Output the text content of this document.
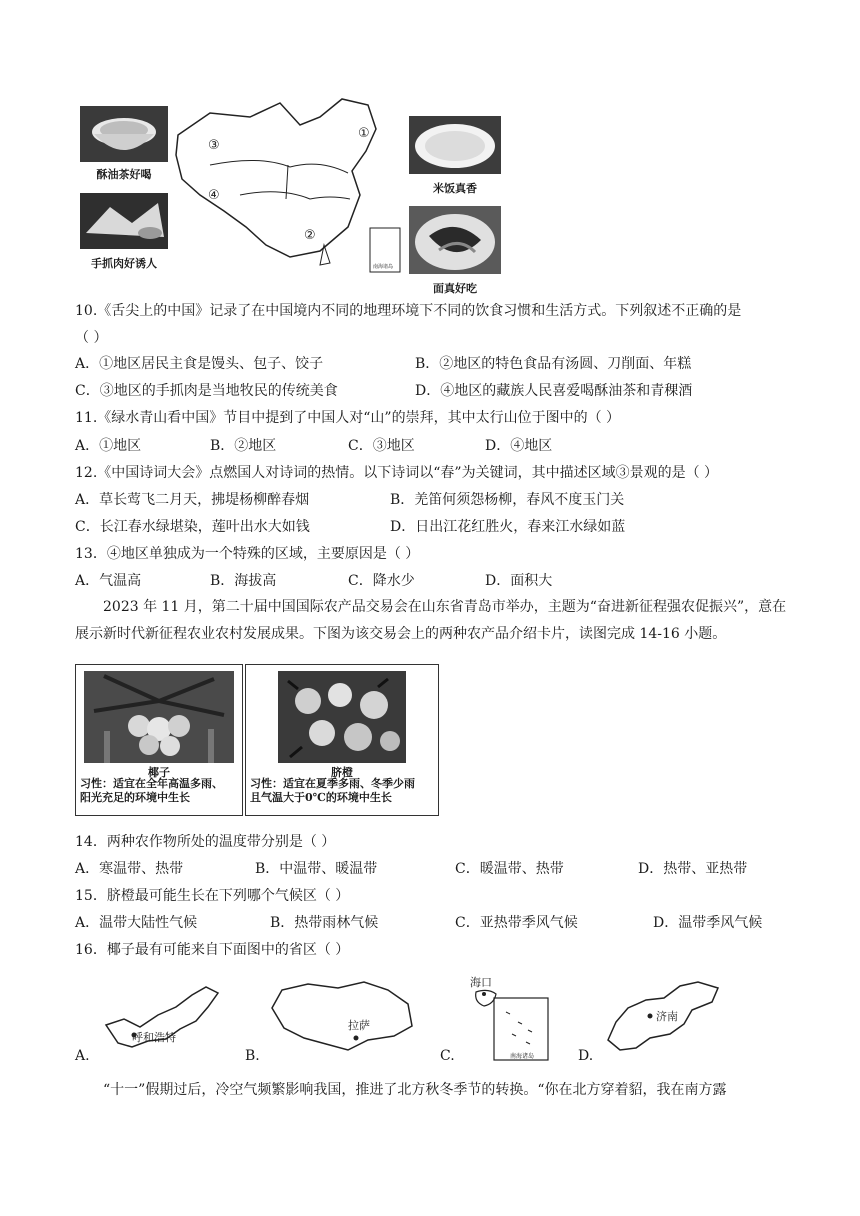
酥油茶好喝
手抓肉好诱人
米饭真香
面真好吃
①
②
③
④
南海诸岛
10.《舌尖上的中国》记录了在中国境内不同的地理环境下不同的饮食习惯和生活方式。下列叙述不正确的是
（ ）
A．①地区居民主食是馒头、包子、饺子	B．②地区的特色食品有汤圆、刀削面、年糕
C．③地区的手抓肉是当地牧民的传统美食	D．④地区的藏族人民喜爱喝酥油茶和青稞酒
11.《绿水青山看中国》节目中提到了中国人对“山”的崇拜，其中太行山位于图中的（ ）
A．①地区	B．②地区	C．③地区	D．④地区
12.《中国诗词大会》点燃国人对诗词的热情。以下诗词以“春”为关键词，其中描述区域③景观的是（ ）
A．草长莺飞二月天，拂堤杨柳醉春烟	B．羌笛何须怨杨柳，春风不度玉门关
C．长江春水绿堪染，莲叶出水大如钱	D．日出江花红胜火，春来江水绿如蓝
13．④地区单独成为一个特殊的区域，主要原因是（ ）
A．气温高	B．海拔高	C．降水少	D．面积大
2023 年 11 月，第二十届中国国际农产品交易会在山东省青岛市举办，主题为“奋进新征程强农促振兴”，意在展示新时代新征程农业农村发展成果。下图为该交易会上的两种农产品介绍卡片，读图完成 14-16 小题。
椰子
习性：适宜在全年高温多雨、
阳光充足的环境中生长
脐橙
习性：适宜在夏季多雨、冬季少雨
且气温大于0℃的环境中生长
14．两种农作物所处的温度带分别是（ ）
A．寒温带、热带	B．中温带、暖温带	C．暖温带、热带	D．热带、亚热带
15．脐橙最可能生长在下列哪个气候区（ ）
A．温带大陆性气候	B．热带雨林气候	C．亚热带季风气候	D．温带季风气候
16．椰子最有可能来自下面图中的省区（ ）
A.
呼和浩特
B.
拉萨
C.
海口
南海诸岛	D.
济南
“十一”假期过后，冷空气频繁影响我国，推进了北方秋冬季节的转换。“你在北方穿着貂，我在南方露
